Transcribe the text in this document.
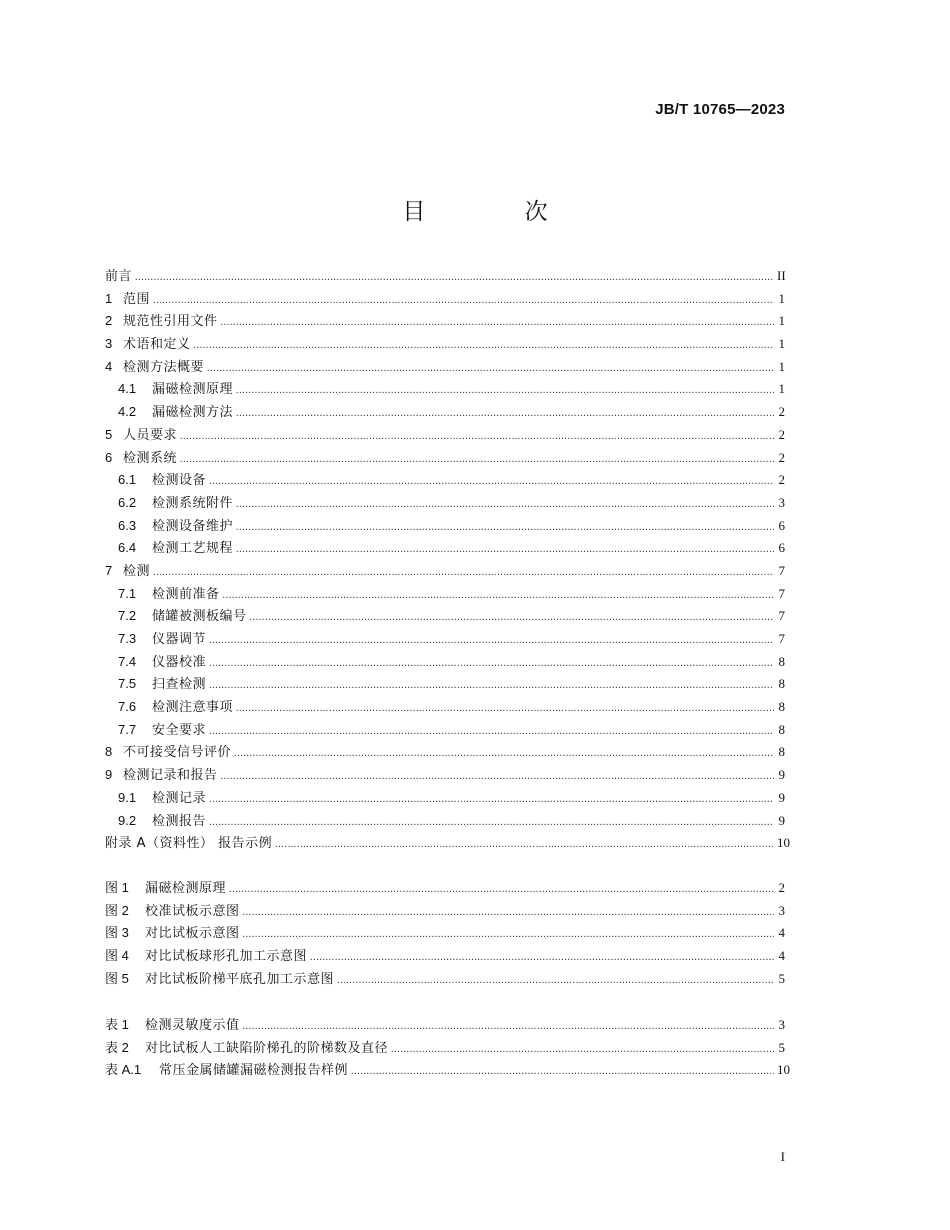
JB/T 10765—2023
目 次
前言 .....	II
1 范围 .....	1
2 规范性引用文件 .....	1
3 术语和定义 .....	1
4 检测方法概要 .....	1
4.1	漏磁检测原理 .....	1
4.2	漏磁检测方法 .....	2
5 人员要求 .....	2
6 检测系统 .....	2
6.1	检测设备 .....	2
6.2	检测系统附件 .....	3
6.3	检测设备维护 .....	6
6.4	检测工艺规程 .....	6
7 检测 .....	7
7.1	检测前准备 .....	7
7.2	储罐被测板编号 .....	7
7.3	仪器调节 .....	7
7.4	仪器校准 .....	8
7.5	扫查检测 .....	8
7.6	检测注意事项 .....	8
7.7	安全要求 .....	8
8 不可接受信号评价 .....	8
9 检测记录和报告 .....	9
9.1	检测记录 .....	9
9.2	检测报告 .....	9
附录 A（资料性） 报告示例 .....	10
图 1	漏磁检测原理 .....	2
图 2	校准试板示意图 .....	3
图 3	对比试板示意图 .....	4
图 4	对比试板球形孔加工示意图 .....	4
图 5	对比试板阶梯平底孔加工示意图 .....	5
表 1	检测灵敏度示值 .....	3
表 2	对比试板人工缺陷阶梯孔的阶梯数及直径 .....	5
表 A.1	常压金属储罐漏磁检测报告样例 .....	10
I
